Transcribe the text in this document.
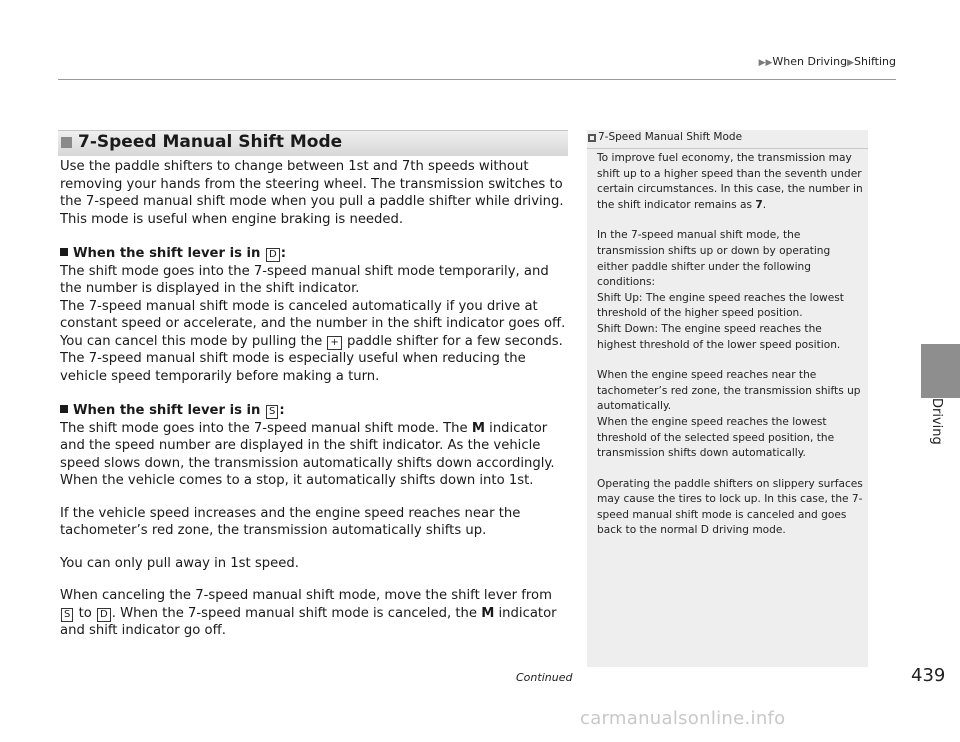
▶▶When Driving▶Shifting
Driving
7-Speed Manual Shift Mode

Use the paddle shifters to change between 1st and 7th speeds without removing your hands from the steering wheel. The transmission switches to the 7-speed manual shift mode when you pull a paddle shifter while driving. This mode is useful when engine braking is needed.

When the shift lever is in D :

The shift mode goes into the 7-speed manual shift mode temporarily, and the number is displayed in the shift indicator.

The 7-speed manual shift mode is canceled automatically if you drive at constant speed or accelerate, and the number in the shift indicator goes off.

You can cancel this mode by pulling the + paddle shifter for a few seconds.

The 7-speed manual shift mode is especially useful when reducing the vehicle speed temporarily before making a turn.

When the shift lever is in S :

The shift mode goes into the 7-speed manual shift mode. The M indicator and the speed number are displayed in the shift indicator. As the vehicle speed slows down, the transmission automatically shifts down accordingly. When the vehicle comes to a stop, it automatically shifts down into 1st.

If the vehicle speed increases and the engine speed reaches near the tachometer’s red zone, the transmission automatically shifts up.

You can only pull away in 1st speed.

When canceling the 7-speed manual shift mode, move the shift lever from S to D . When the 7-speed manual shift mode is canceled, the M indicator and shift indicator go off.

Continued	439
7-Speed Manual Shift Mode

To improve fuel economy, the transmission may shift up to a higher speed than the seventh under certain circumstances. In this case, the number in the shift indicator remains as 7.

In the 7-speed manual shift mode, the transmission shifts up or down by operating either paddle shifter under the following conditions:

Shift Up: The engine speed reaches the lowest threshold of the higher speed position.

Shift Down: The engine speed reaches the highest threshold of the lower speed position.

When the engine speed reaches near the tachometer’s red zone, the transmission shifts up automatically.

When the engine speed reaches the lowest threshold of the selected speed position, the transmission shifts down automatically.

Operating the paddle shifters on slippery surfaces may cause the tires to lock up. In this case, the 7-speed manual shift mode is canceled and goes back to the normal D driving mode.

carmanualsonline.info
